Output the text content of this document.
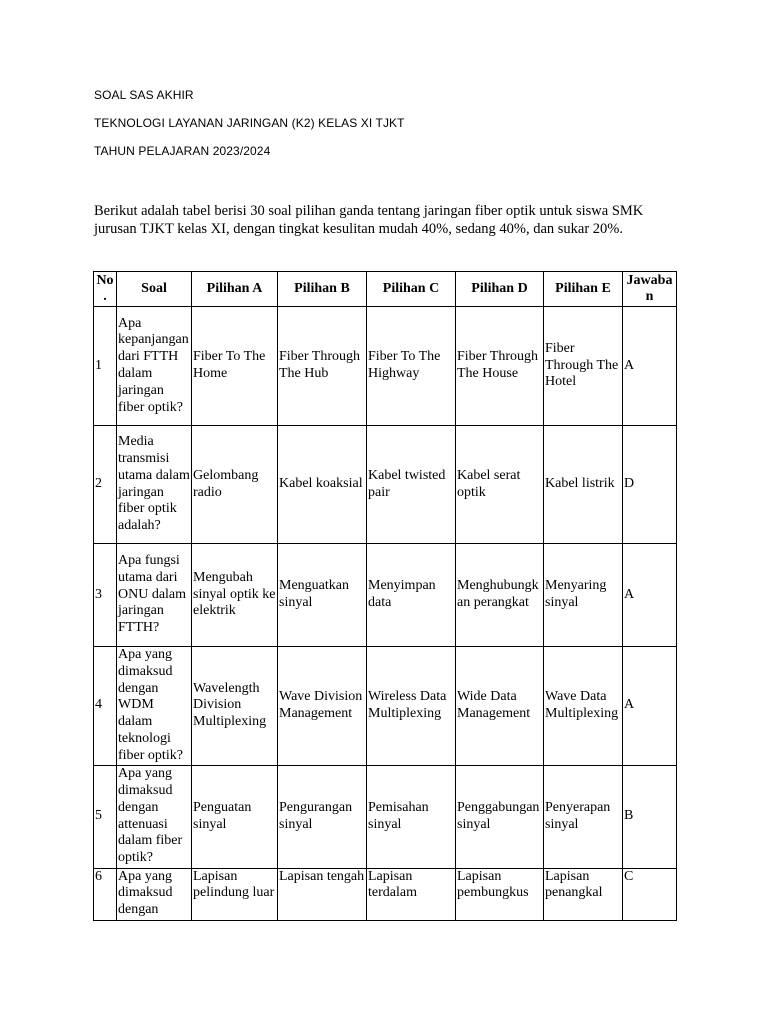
SOAL SAS AKHIR
TEKNOLOGI LAYANAN JARINGAN (K2) KELAS XI TJKT
TAHUN PELAJARAN 2023/2024
Berikut adalah tabel berisi 30 soal pilihan ganda tentang jaringan fiber optik untuk siswa SMK jurusan TJKT kelas XI, dengan tingkat kesulitan mudah 40%, sedang 40%, dan sukar 20%.
No.	Soal	Pilihan A	Pilihan B	Pilihan C	Pilihan D	Pilihan E	Jawaban
1	Apa kepanjangan dari FTTH dalam jaringan fiber optik?	Fiber To The Home	Fiber Through The Hub	Fiber To The Highway	Fiber Through The House	Fiber Through The Hotel	A
2	Media transmisi utama dalam jaringan fiber optik adalah?	Gelombang radio	Kabel koaksial	Kabel twisted pair	Kabel serat optik	Kabel listrik	D
3	Apa fungsi utama dari ONU dalam jaringan FTTH?	Mengubah sinyal optik ke elektrik	Menguatkan sinyal	Menyimpan data	Menghubungkan perangkat	Menyaring sinyal	A
4	Apa yang dimaksud dengan WDM dalam teknologi fiber optik?	Wavelength Division Multiplexing	Wave Division Management	Wireless Data Multiplexing	Wide Data Management	Wave Data Multiplexing	A
5	Apa yang dimaksud dengan attenuasi dalam fiber optik?	Penguatan sinyal	Pengurangan sinyal	Pemisahan sinyal	Penggabungan sinyal	Penyerapan sinyal	B
6	Apa yang dimaksud dengan	Lapisan pelindung luar	Lapisan tengah	Lapisan terdalam	Lapisan pembungkus	Lapisan penangkal	C
